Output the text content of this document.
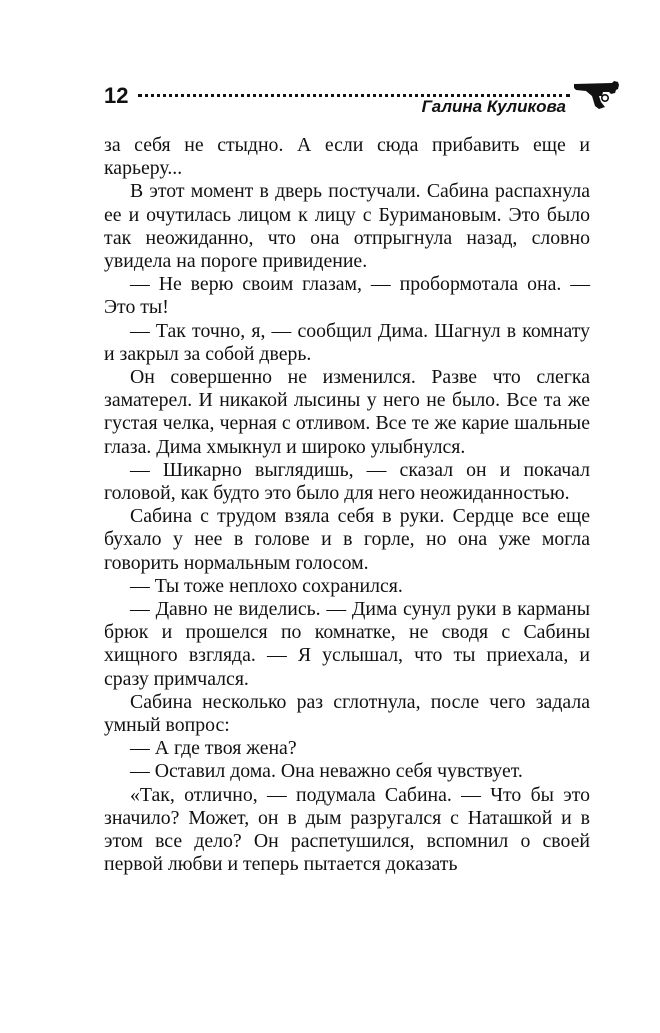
12	Галина Куликова

за себя не стыдно. А если сюда прибавить еще и карьеру...

В этот момент в дверь постучали. Сабина распахнула ее и очутилась лицом к лицу с Буримановым. Это было так неожиданно, что она отпрыгнула назад, словно увидела на пороге привидение.

— Не верю своим глазам, — пробормотала она. — Это ты!

— Так точно, я, — сообщил Дима. Шагнул в комнату и закрыл за собой дверь.

Он совершенно не изменился. Разве что слегка заматерел. И никакой лысины у него не было. Все та же густая челка, черная с отливом. Все те же карие шальные глаза. Дима хмыкнул и широко улыбнулся.

— Шикарно выглядишь, — сказал он и покачал головой, как будто это было для него неожиданностью.

Сабина с трудом взяла себя в руки. Сердце все еще бухало у нее в голове и в горле, но она уже могла говорить нормальным голосом.

— Ты тоже неплохо сохранился.

— Давно не виделись. — Дима сунул руки в карманы брюк и прошелся по комнатке, не сводя с Сабины хищного взгляда. — Я услышал, что ты приехала, и сразу примчался.

Сабина несколько раз сглотнула, после чего задала умный вопрос:

— А где твоя жена?

— Оставил дома. Она неважно себя чувствует.

«Так, отлично, — подумала Сабина. — Что бы это значило? Может, он в дым разругался с Наташкой и в этом все дело? Он распетушился, вспомнил о своей первой любви и теперь пытается доказать
